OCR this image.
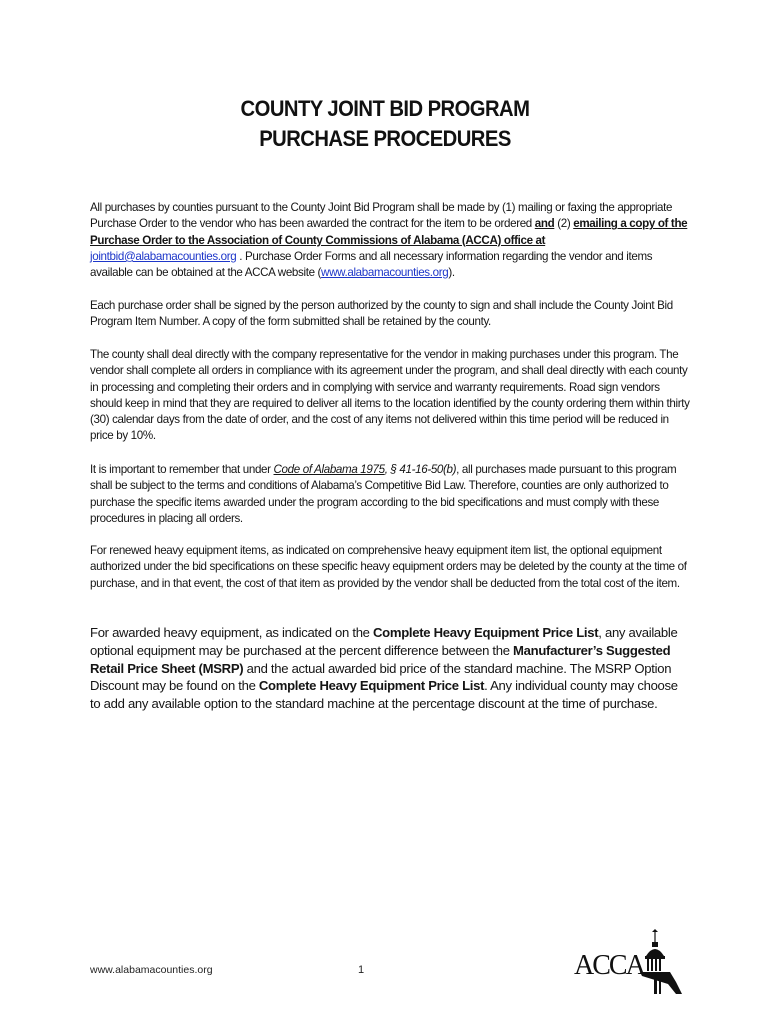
COUNTY JOINT BID PROGRAM
PURCHASE PROCEDURES

All purchases by counties pursuant to the County Joint Bid Program shall be made by (1) mailing or faxing the appropriate Purchase Order to the vendor who has been awarded the contract for the item to be ordered and (2) emailing a copy of the Purchase Order to the Association of County Commissions of Alabama (ACCA) office at jointbid@alabamacounties.org . Purchase Order Forms and all necessary information regarding the vendor and items available can be obtained at the ACCA website (www.alabamacounties.org).

Each purchase order shall be signed by the person authorized by the county to sign and shall include the County Joint Bid Program Item Number. A copy of the form submitted shall be retained by the county.

The county shall deal directly with the company representative for the vendor in making purchases under this program. The vendor shall complete all orders in compliance with its agreement under the program, and shall deal directly with each county in processing and completing their orders and in complying with service and warranty requirements. Road sign vendors should keep in mind that they are required to deliver all items to the location identified by the county ordering them within thirty (30) calendar days from the date of order, and the cost of any items not delivered within this time period will be reduced in price by 10%.

It is important to remember that under Code of Alabama 1975, § 41-16-50(b), all purchases made pursuant to this program shall be subject to the terms and conditions of Alabama’s Competitive Bid Law. Therefore, counties are only authorized to purchase the specific items awarded under the program according to the bid specifications and must comply with these procedures in placing all orders.

For renewed heavy equipment items, as indicated on comprehensive heavy equipment item list, the optional equipment authorized under the bid specifications on these specific heavy equipment orders may be deleted by the county at the time of purchase, and in that event, the cost of that item as provided by the vendor shall be deducted from the total cost of the item.

For awarded heavy equipment, as indicated on the Complete Heavy Equipment Price List, any available optional equipment may be purchased at the percent difference between the Manufacturer’s Suggested Retail Price Sheet (MSRP) and the actual awarded bid price of the standard machine. The MSRP Option Discount may be found on the Complete Heavy Equipment Price List. Any individual county may choose to add any available option to the standard machine at the percentage discount at the time of purchase.

www.alabamacounties.org	1	ACCA
